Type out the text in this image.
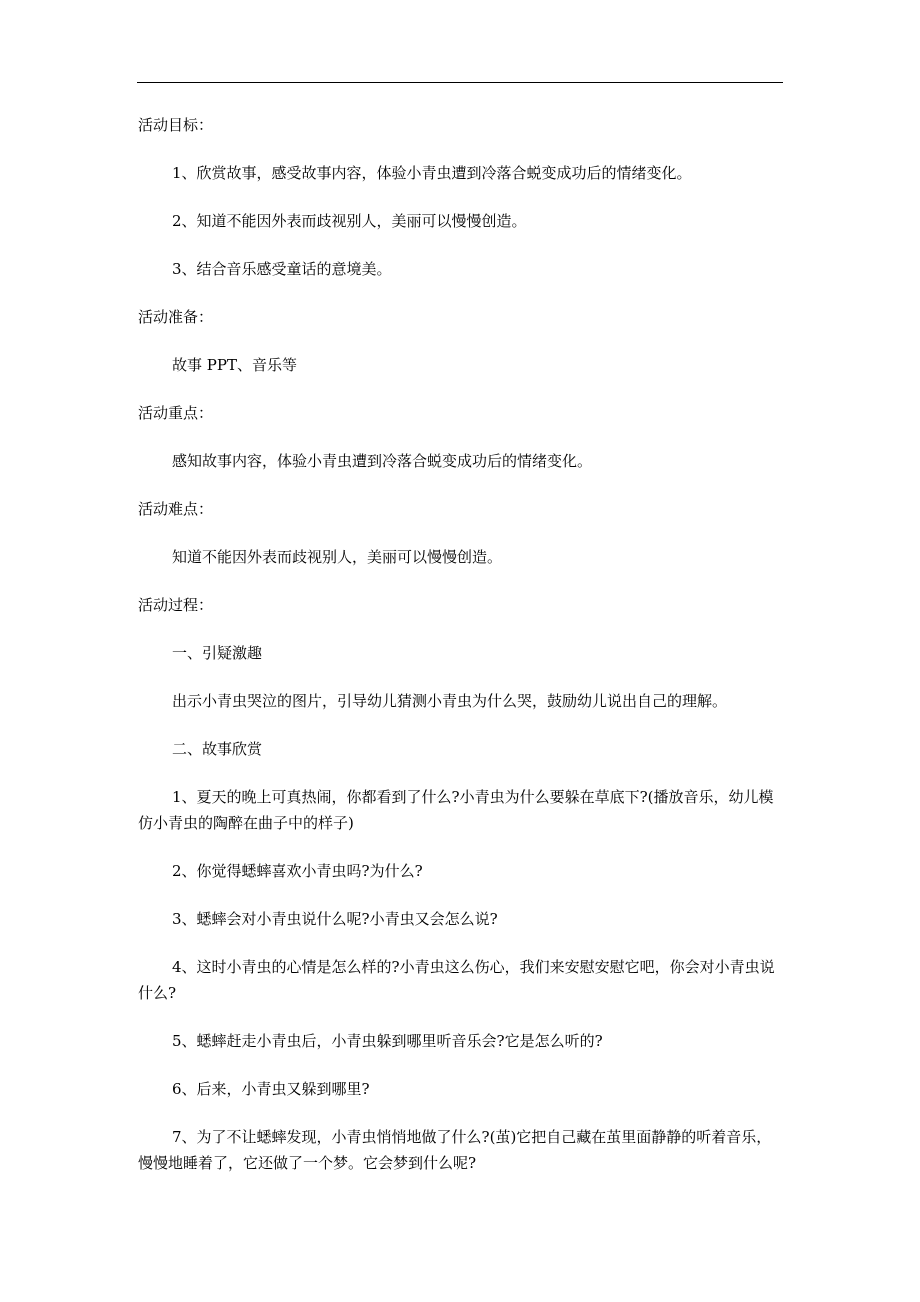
活动目标：

1、欣赏故事，感受故事内容，体验小青虫遭到冷落合蜕变成功后的情绪变化。

2、知道不能因外表而歧视别人，美丽可以慢慢创造。

3、结合音乐感受童话的意境美。

活动准备：

故事 PPT、音乐等

活动重点：

感知故事内容，体验小青虫遭到冷落合蜕变成功后的情绪变化。

活动难点：

知道不能因外表而歧视别人，美丽可以慢慢创造。

活动过程：

一、引疑激趣

出示小青虫哭泣的图片，引导幼儿猜测小青虫为什么哭，鼓励幼儿说出自己的理解。

二、故事欣赏

1、夏天的晚上可真热闹，你都看到了什么?小青虫为什么要躲在草底下?(播放音乐，幼儿模仿小青虫的陶醉在曲子中的样子)

2、你觉得蟋蟀喜欢小青虫吗?为什么?

3、蟋蟀会对小青虫说什么呢?小青虫又会怎么说?

4、这时小青虫的心情是怎么样的?小青虫这么伤心，我们来安慰安慰它吧，你会对小青虫说什么?

5、蟋蟀赶走小青虫后，小青虫躲到哪里听音乐会?它是怎么听的?

6、后来，小青虫又躲到哪里?

7、为了不让蟋蟀发现，小青虫悄悄地做了什么?(茧)它把自己藏在茧里面静静的听着音乐，慢慢地睡着了，它还做了一个梦。它会梦到什么呢?
